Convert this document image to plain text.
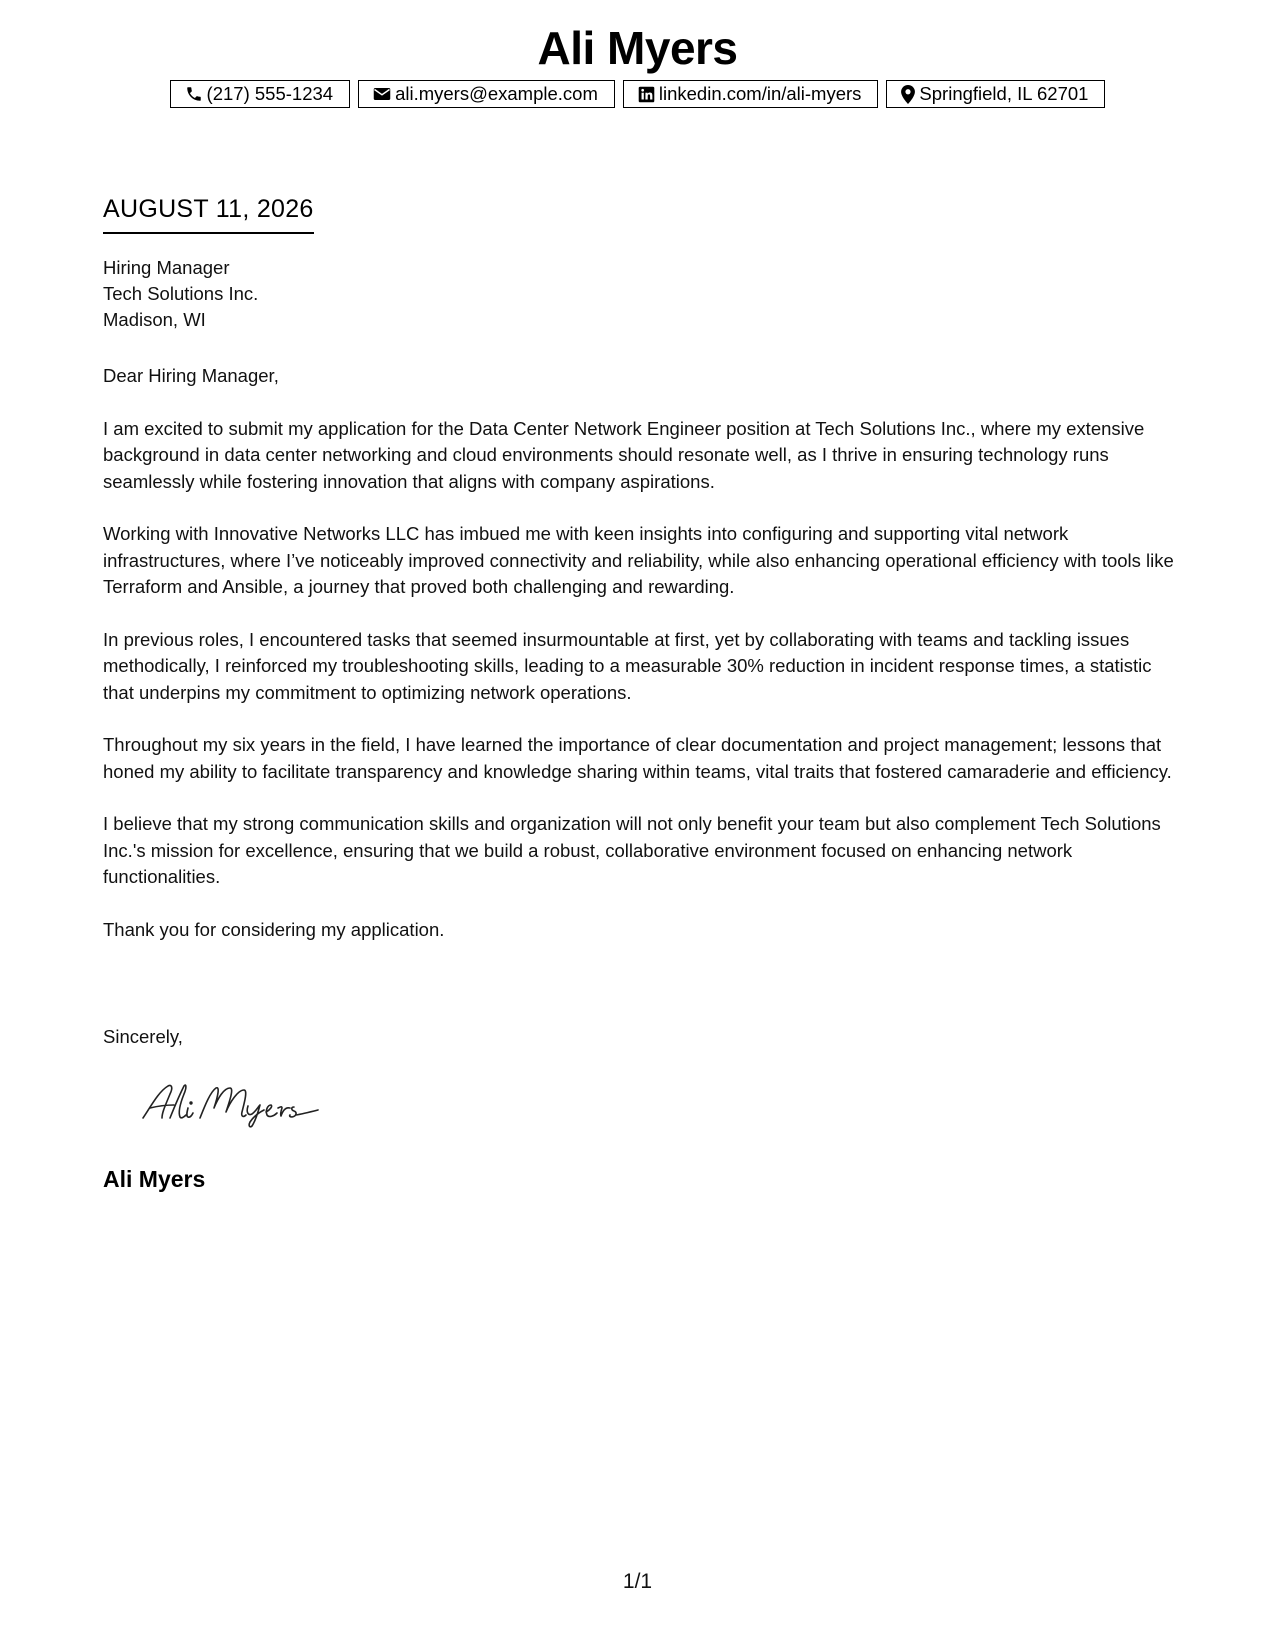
Ali Myers
(217) 555-1234	ali.myers@example.com	linkedin.com/in/ali-myers	Springfield, IL 62701
AUGUST 11, 2026
Hiring Manager
Tech Solutions Inc.
Madison, WI

Dear Hiring Manager,

I am excited to submit my application for the Data Center Network Engineer position at Tech Solutions Inc., where my extensive background in data center networking and cloud environments should resonate well, as I thrive in ensuring technology runs seamlessly while fostering innovation that aligns with company aspirations.

Working with Innovative Networks LLC has imbued me with keen insights into configuring and supporting vital network infrastructures, where I’ve noticeably improved connectivity and reliability, while also enhancing operational efficiency with tools like Terraform and Ansible, a journey that proved both challenging and rewarding.

In previous roles, I encountered tasks that seemed insurmountable at first, yet by collaborating with teams and tackling issues methodically, I reinforced my troubleshooting skills, leading to a measurable 30% reduction in incident response times, a statistic that underpins my commitment to optimizing network operations.

Throughout my six years in the field, I have learned the importance of clear documentation and project management; lessons that honed my ability to facilitate transparency and knowledge sharing within teams, vital traits that fostered camaraderie and efficiency.

I believe that my strong communication skills and organization will not only benefit your team but also complement Tech Solutions Inc.'s mission for excellence, ensuring that we build a robust, collaborative environment focused on enhancing network functionalities.

Thank you for considering my application.

Sincerely,
Ali Myers
1/1
